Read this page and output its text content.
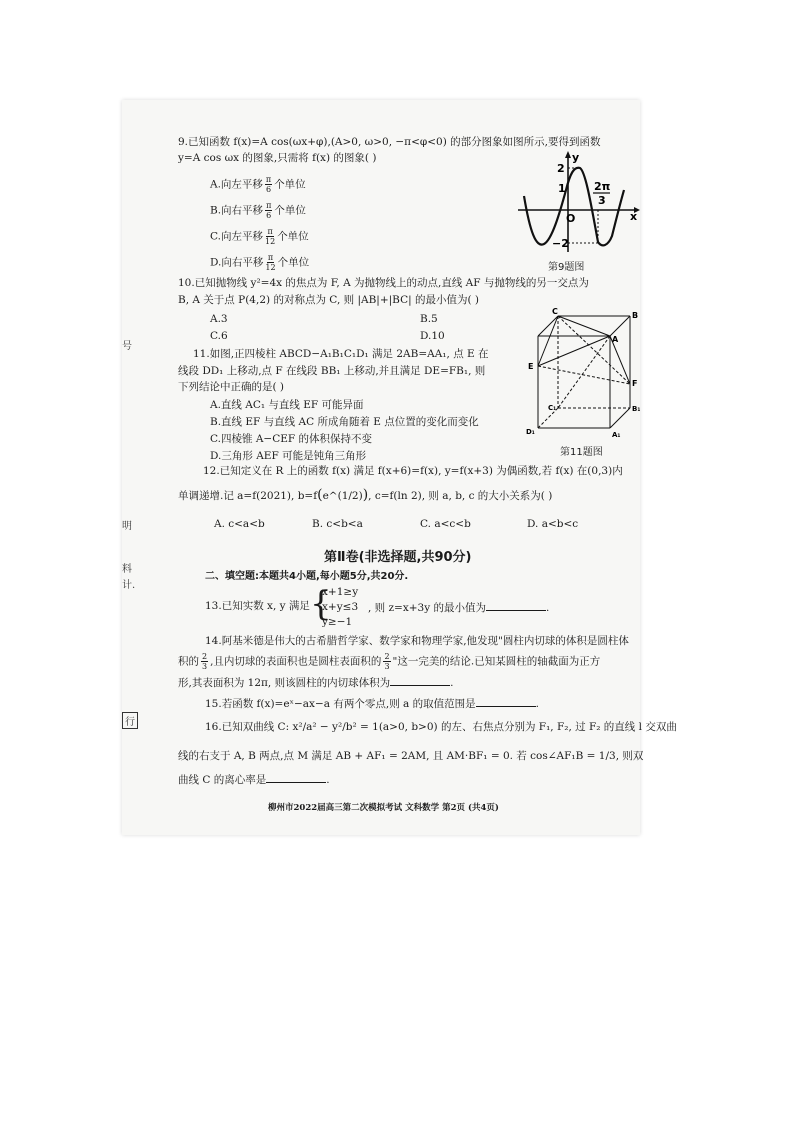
9.已知函数 f(x)=A cos(ωx+φ),(A>0, ω>0, −π<φ<0) 的部分图象如图所示,要得到函数
y=A cos ωx 的图象,只需将 f(x) 的图象( )
A.向左平移 $\frac{\pi}{6}$ 个单位
B.向右平移 $\frac{\pi}{6}$ 个单位
C.向左平移 $\frac{\pi}{12}$ 个单位
D.向右平移 $\frac{\pi}{12}$ 个单位
y
x
2
1
O
−2
2π
3
第9题图
10.已知抛物线 y²=4x 的焦点为 F, A 为抛物线上的动点,直线 AF 与抛物线的另一交点为
B, A 关于点 P(4,2) 的对称点为 C, 则 |AB|+|BC| 的最小值为( )
A.3	B.5
C.6	D.10
11.如图,正四棱柱 ABCD−A₁B₁C₁D₁ 满足 2AB=AA₁, 点 E 在
线段 DD₁ 上移动,点 F 在线段 BB₁ 上移动,并且满足 DE=FB₁, 则
下列结论中正确的是( )
A.直线 AC₁ 与直线 EF 可能异面
B.直线 EF 与直线 AC 所成角随着 E 点位置的变化而变化
C.四棱锥 A−CEF 的体积保持不变
D.三角形 AEF 可能是钝角三角形
C	B
A
E
F
C₁	B₁
D₁	A₁
第11题图
12.已知定义在 R 上的函数 f(x) 满足 f(x+6)=f(x), y=f(x+3) 为偶函数,若 f(x) 在(0,3)内
单调递增.记 a=f(2021), b=f(e^(1/2)), c=f(ln 2), 则 a, b, c 的大小关系为( )
A. c<a<b	B. c<b<a	C. a<c<b	D. a<b<c
第Ⅱ卷(非选择题,共90分)
二、填空题:本题共4小题,每小题5分,共20分.
13.已知实数 x, y 满足 {
x+1≥y
x+y≤3
y≥−1
, 则 z=x+3y 的最小值为	.
14.阿基米德是伟大的古希腊哲学家、数学家和物理学家,他发现"圆柱内切球的体积是圆柱体
积的 $\frac{2}{3}$ ,且内切球的表面积也是圆柱表面积的 $\frac{2}{3}$ "这一完美的结论.已知某圆柱的轴截面为正方
形,其表面积为 12π, 则该圆柱的内切球体积为	.
15.若函数 f(x)=eˣ−ax−a 有两个零点,则 a 的取值范围是	.
16.已知双曲线 C: x²/a² − y²/b² = 1(a>0, b>0) 的左、右焦点分别为 F₁, F₂, 过 F₂ 的直线 l 交双曲
线的右支于 A, B 两点,点 M 满足 AB + AF₁ = 2AM, 且 AM·BF₁ = 0. 若 cos∠AF₁B = 1/3, 则双
曲线 C 的离心率是	.
柳州市2022届高三第二次模拟考试 文科数学 第2页 (共4页)
号
明
料
计.
行
